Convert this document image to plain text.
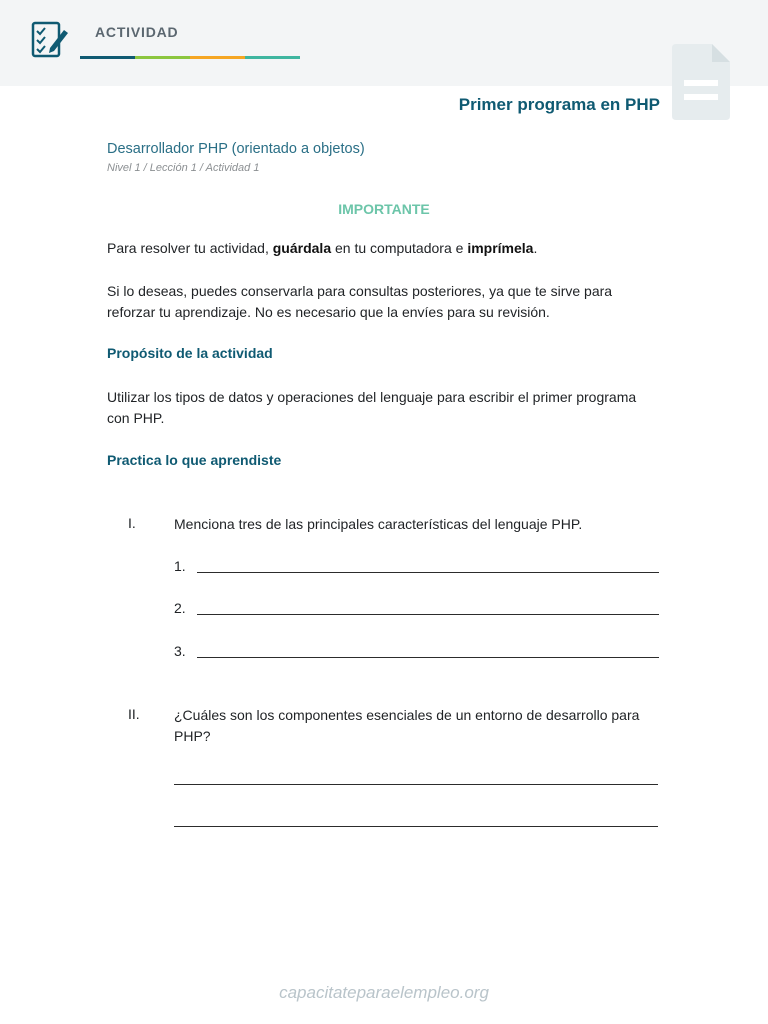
ACTIVIDAD
Primer programa en PHP
Desarrollador PHP (orientado a objetos)
Nivel 1 / Lección 1 / Actividad 1
IMPORTANTE
Para resolver tu actividad, guárdala en tu computadora e imprímela.
Si lo deseas, puedes conservarla para consultas posteriores, ya que te sirve para reforzar tu aprendizaje. No es necesario que la envíes para su revisión.
Propósito de la actividad
Utilizar los tipos de datos y operaciones del lenguaje para escribir el primer programa con PHP.
Practica lo que aprendiste
I.	Menciona tres de las principales características del lenguaje PHP.
1.
2.
3.
II. ¿Cuáles son los componentes esenciales de un entorno de desarrollo para PHP?
capacitateparaelempleo.org
